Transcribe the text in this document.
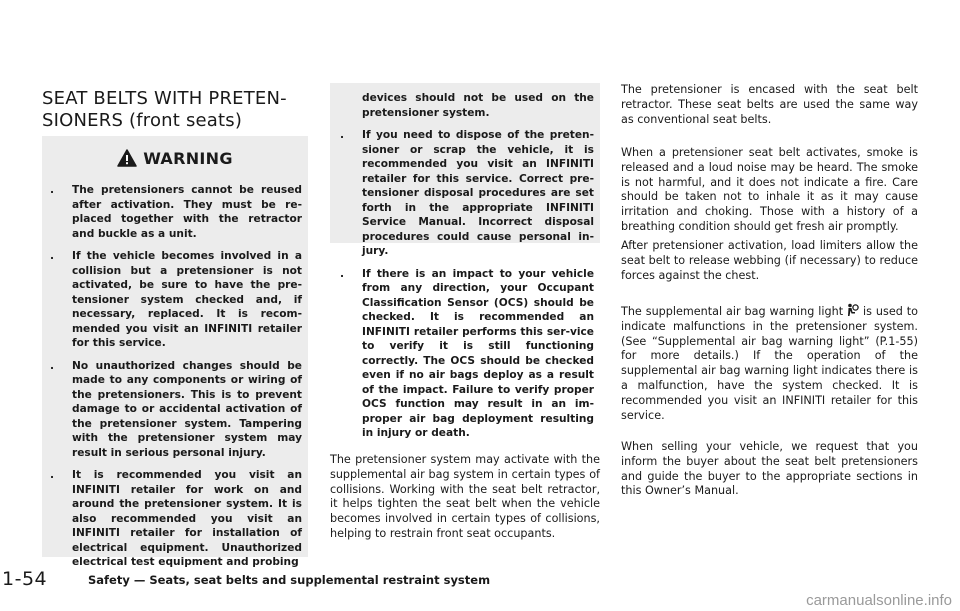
SEAT BELTS WITH PRETEN-SIONERS (front seats)
WARNING
. The pretensioners cannot be reused after activation. They must be re-placed together with the retractor and buckle as a unit.
. If the vehicle becomes involved in a collision but a pretensioner is not activated, be sure to have the pre-tensioner system checked and, if necessary, replaced. It is recom-mended you visit an INFINITI retailer for this service.
. No unauthorized changes should be made to any components or wiring of the pretensioners. This is to prevent damage to or accidental activation of the pretensioner system. Tampering with the pretensioner system may result in serious personal injury.
. It is recommended you visit an INFINITI retailer for work on and around the pretensioner system. It is also recommended you visit an INFINITI retailer for installation of electrical equipment. Unauthorized electrical test equipment and probing
devices should not be used on the pretensioner system.
. If you need to dispose of the preten-sioner or scrap the vehicle, it is recommended you visit an INFINITI retailer for this service. Correct pre-tensioner disposal procedures are set forth in the appropriate INFINITI Service Manual. Incorrect disposal procedures could cause personal in-jury.
. If there is an impact to your vehicle from any direction, your Occupant Classification Sensor (OCS) should be checked. It is recommended an INFINITI retailer performs this ser-vice to verify it is still functioning correctly. The OCS should be checked even if no air bags deploy as a result of the impact. Failure to verify proper OCS function may result in an im-proper air bag deployment resulting in injury or death.

The pretensioner system may activate with the supplemental air bag system in certain types of collisions. Working with the seat belt retractor, it helps tighten the seat belt when the vehicle becomes involved in certain types of collisions, helping to restrain front seat occupants.

The pretensioner is encased with the seat belt retractor. These seat belts are used the same way as conventional seat belts.

When a pretensioner seat belt activates, smoke is released and a loud noise may be heard. The smoke is not harmful, and it does not indicate a fire. Care should be taken not to inhale it as it may cause irritation and choking. Those with a history of a breathing condition should get fresh air promptly.

After pretensioner activation, load limiters allow the seat belt to release webbing (if necessary) to reduce forces against the chest.

The supplemental air bag warning light is used to indicate malfunctions in the pretensioner system. (See “Supplemental air bag warning light” (P.1-55) for more details.) If the operation of the supplemental air bag warning light indicates there is a malfunction, have the system checked. It is recommended you visit an INFINITI retailer for this service.

When selling your vehicle, we request that you inform the buyer about the seat belt pretensioners and guide the buyer to the appropriate sections in this Owner’s Manual.

1-54	Safety — Seats, seat belts and supplemental restraint system
carmanualsonline.info
